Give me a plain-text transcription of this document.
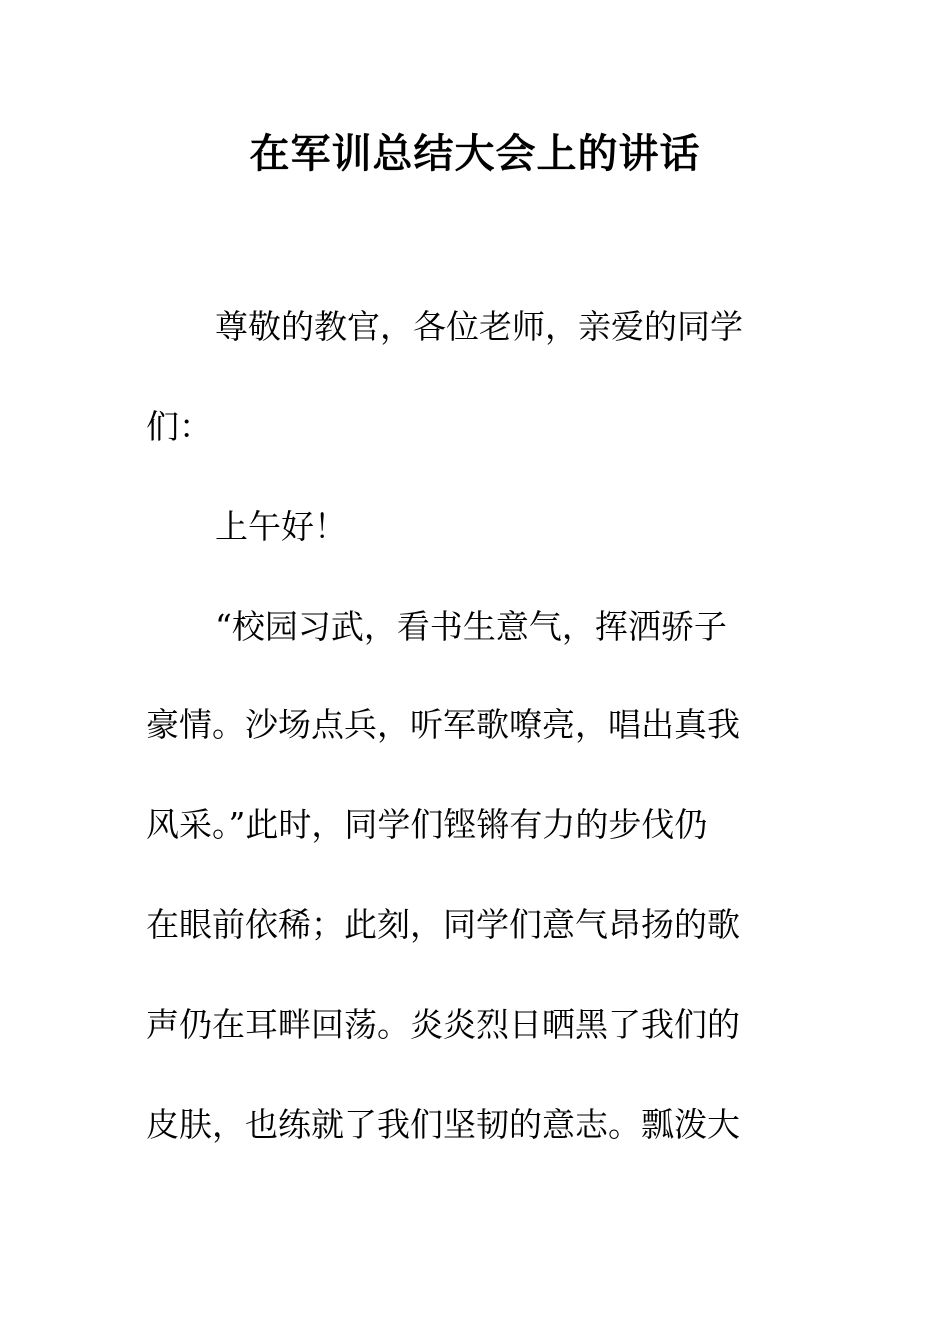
在军训总结大会上的讲话

尊敬的教官，各位老师，亲爱的同学

们：

上午好！

“校园习武，看书生意气，挥洒骄子

豪情。沙场点兵，听军歌嘹亮，唱出真我

风采。”此时，同学们铿锵有力的步伐仍

在眼前依稀；此刻，同学们意气昂扬的歌

声仍在耳畔回荡。炎炎烈日晒黑了我们的

皮肤，也练就了我们坚韧的意志。瓢泼大
